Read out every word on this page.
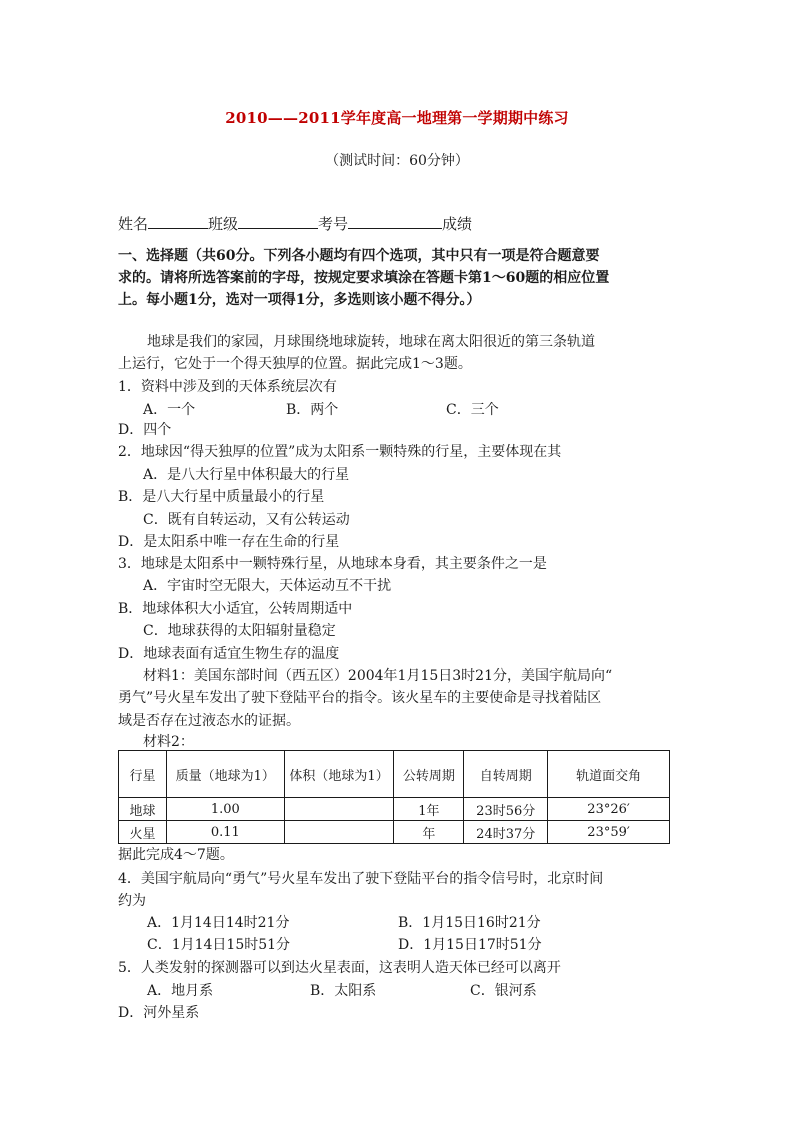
2010——2011学年度高一地理第一学期期中练习
（测试时间：60分钟）
姓名	班级	考号	成绩
一、选择题（共60分。下列各小题均有四个选项，其中只有一项是符合题意要
求的。请将所选答案前的字母，按规定要求填涂在答题卡第1～60题的相应位置
上。每小题1分，选对一项得1分，多选则该小题不得分。）
地球是我们的家园，月球围绕地球旋转，地球在离太阳很近的第三条轨道
上运行，它处于一个得天独厚的位置。据此完成1～3题。
1．资料中涉及到的天体系统层次有
A．一个	B．两个	C．三个
D．四个
2．地球因“得天独厚的位置”成为太阳系一颗特殊的行星，主要体现在其
A．是八大行星中体积最大的行星
B．是八大行星中质量最小的行星
C．既有自转运动，又有公转运动
D．是太阳系中唯一存在生命的行星
3．地球是太阳系中一颗特殊行星，从地球本身看，其主要条件之一是
A．宇宙时空无限大，天体运动互不干扰
B．地球体积大小适宜，公转周期适中
C．地球获得的太阳辐射量稳定
D．地球表面有适宜生物生存的温度
材料1：美国东部时间（西五区）2004年1月15日3时21分，美国宇航局向“
勇气”号火星车发出了驶下登陆平台的指令。该火星车的主要使命是寻找着陆区
域是否存在过液态水的证据。
材料2：
行星	质量（地球为1）	体积（地球为1）	公转周期	自转周期	轨道面交角
地球	1.00		1年	23时56分	23°26′
火星	0.11		年	24时37分	23°59′
据此完成4～7题。
4．美国宇航局向“勇气”号火星车发出了驶下登陆平台的指令信号时，北京时间
约为
A．1月14日14时21分	B．1月15日16时21分
C．1月14日15时51分	D．1月15日17时51分
5．人类发射的探测器可以到达火星表面，这表明人造天体已经可以离开
A．地月系	B．太阳系	C．银河系
D．河外星系
